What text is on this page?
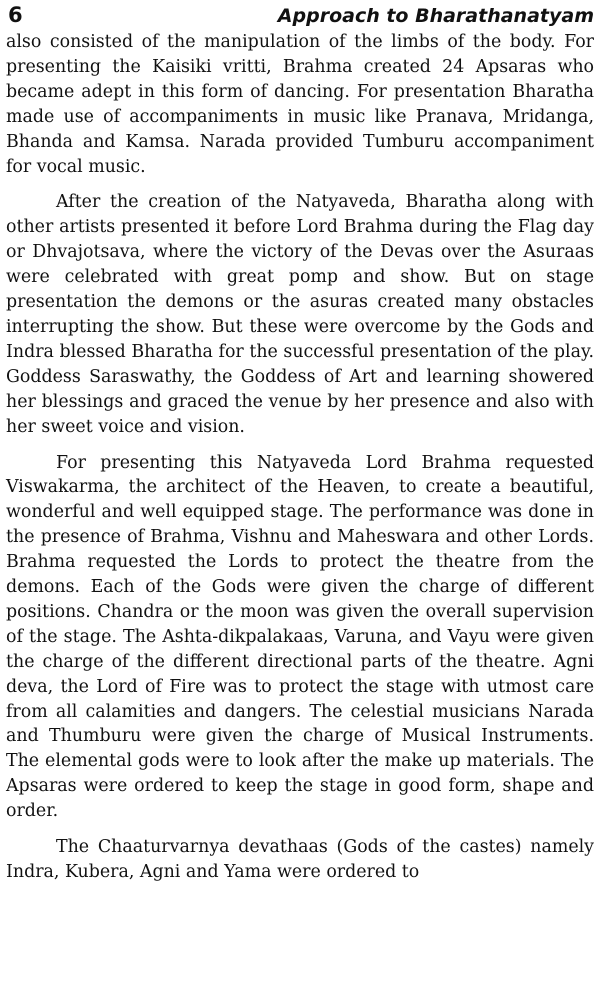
6	Approach to Bharathanatyam

also consisted of the manipulation of the limbs of the body. For presenting the Kaisiki vritti, Brahma created 24 Apsaras who became adept in this form of dancing. For presentation Bharatha made use of accompaniments in music like Pranava, Mridanga, Bhanda and Kamsa. Narada provided Tumburu accompaniment for vocal music.

After the creation of the Natyaveda, Bharatha along with other artists presented it before Lord Brahma during the Flag day or Dhvajotsava, where the victory of the Devas over the Asuraas were celebrated with great pomp and show. But on stage presentation the demons or the asuras created many obstacles interrupting the show. But these were overcome by the Gods and Indra blessed Bharatha for the successful presentation of the play. Goddess Saraswathy, the Goddess of Art and learning showered her blessings and graced the venue by her presence and also with her sweet voice and vision.

For presenting this Natyaveda Lord Brahma requested Viswakarma, the architect of the Heaven, to create a beautiful, wonderful and well equipped stage. The performance was done in the presence of Brahma, Vishnu and Maheswara and other Lords. Brahma requested the Lords to protect the theatre from the demons. Each of the Gods were given the charge of different positions. Chandra or the moon was given the overall supervision of the stage. The Ashta-dikpalakaas, Varuna, and Vayu were given the charge of the different directional parts of the theatre. Agni deva, the Lord of Fire was to protect the stage with utmost care from all calamities and dangers. The celestial musicians Narada and Thumburu were given the charge of Musical Instruments. The elemental gods were to look after the make up materials. The Apsaras were ordered to keep the stage in good form, shape and order.

The Chaaturvarnya devathaas (Gods of the castes) namely Indra, Kubera, Agni and Yama were ordered to
